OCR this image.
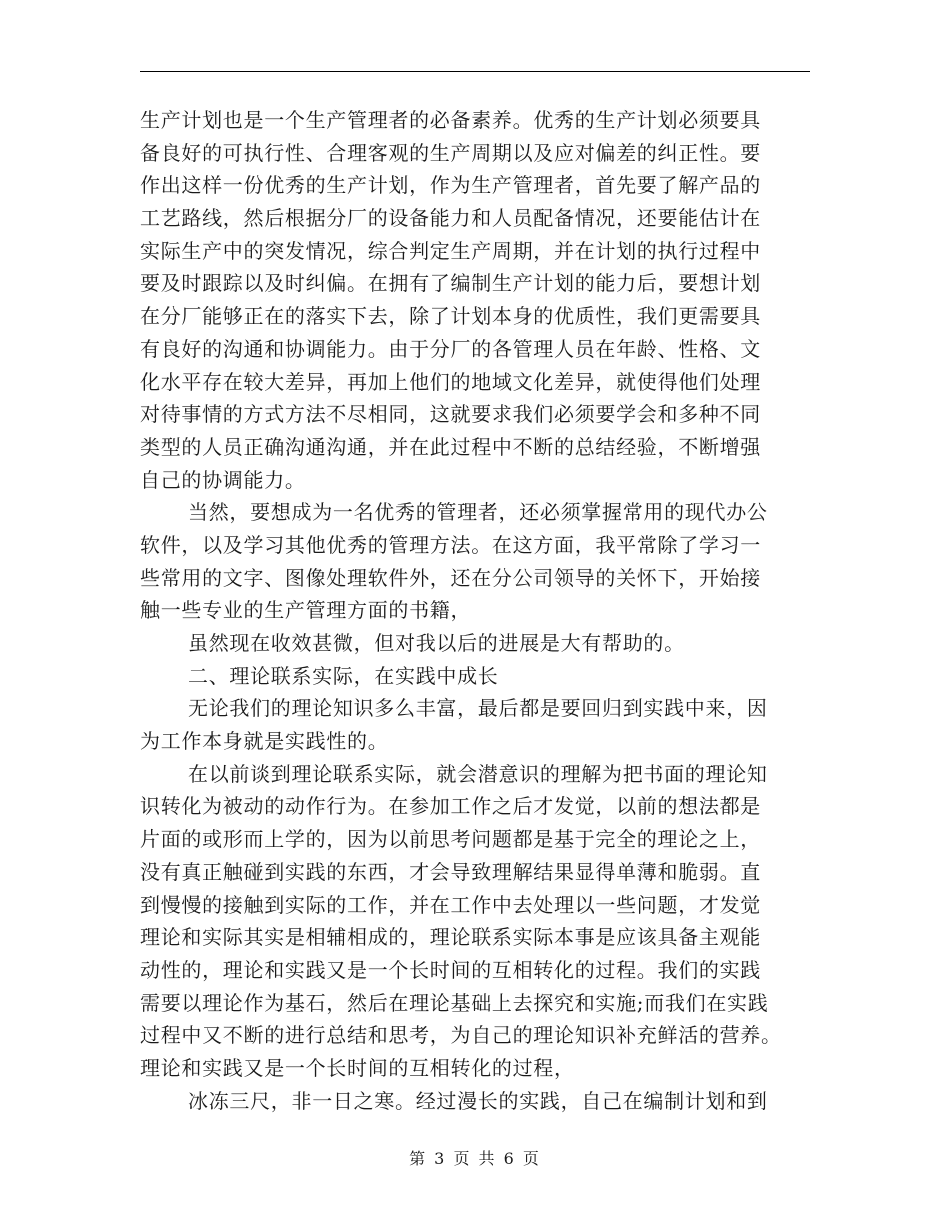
生产计划也是一个生产管理者的必备素养。优秀的生产计划必须要具
备良好的可执行性、合理客观的生产周期以及应对偏差的纠正性。要
作出这样一份优秀的生产计划，作为生产管理者，首先要了解产品的
工艺路线，然后根据分厂的设备能力和人员配备情况，还要能估计在
实际生产中的突发情况，综合判定生产周期，并在计划的执行过程中
要及时跟踪以及时纠偏。在拥有了编制生产计划的能力后，要想计划
在分厂能够正在的落实下去，除了计划本身的优质性，我们更需要具
有良好的沟通和协调能力。由于分厂的各管理人员在年龄、性格、文
化水平存在较大差异，再加上他们的地域文化差异，就使得他们处理
对待事情的方式方法不尽相同，这就要求我们必须要学会和多种不同
类型的人员正确沟通沟通，并在此过程中不断的总结经验，不断增强
自己的协调能力。
当然，要想成为一名优秀的管理者，还必须掌握常用的现代办公
软件，以及学习其他优秀的管理方法。在这方面，我平常除了学习一
些常用的文字、图像处理软件外，还在分公司领导的关怀下，开始接
触一些专业的生产管理方面的书籍，
虽然现在收效甚微，但对我以后的进展是大有帮助的。
二、理论联系实际，在实践中成长
无论我们的理论知识多么丰富，最后都是要回归到实践中来，因
为工作本身就是实践性的。
在以前谈到理论联系实际，就会潜意识的理解为把书面的理论知
识转化为被动的动作行为。在参加工作之后才发觉，以前的想法都是
片面的或形而上学的，因为以前思考问题都是基于完全的理论之上，
没有真正触碰到实践的东西，才会导致理解结果显得单薄和脆弱。直
到慢慢的接触到实际的工作，并在工作中去处理以一些问题，才发觉
理论和实际其实是相辅相成的，理论联系实际本事是应该具备主观能
动性的，理论和实践又是一个长时间的互相转化的过程。我们的实践
需要以理论作为基石，然后在理论基础上去探究和实施;而我们在实践
过程中又不断的进行总结和思考，为自己的理论知识补充鲜活的营养。
理论和实践又是一个长时间的互相转化的过程，
冰冻三尺，非一日之寒。经过漫长的实践，自己在编制计划和到
第 3 页 共 6 页
